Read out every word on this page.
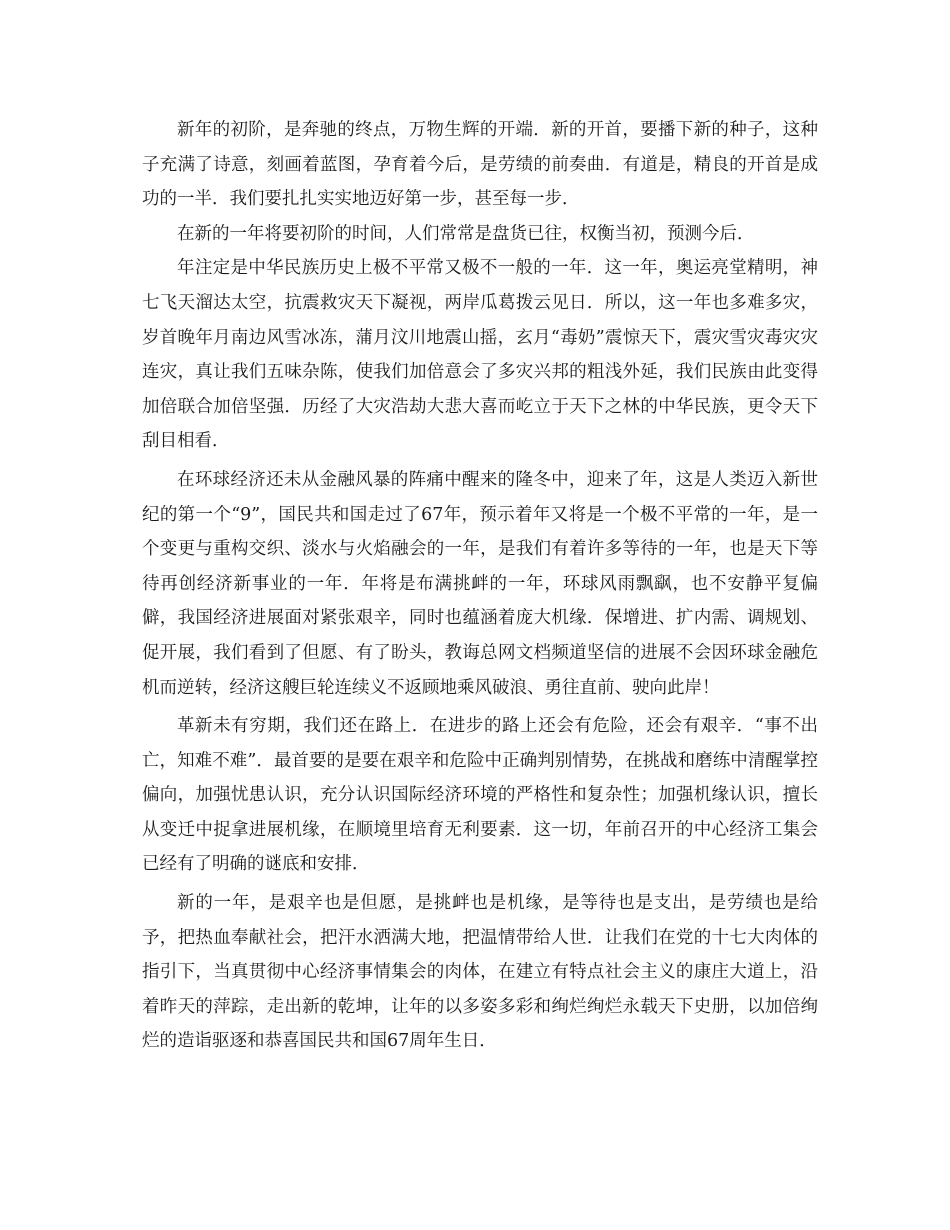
新年的初阶，是奔驰的终点，万物生辉的开端．新的开首，要播下新的种子，这种子充满了诗意，刻画着蓝图，孕育着今后，是劳绩的前奏曲．有道是，精良的开首是成功的一半．我们要扎扎实实地迈好第一步，甚至每一步．

在新的一年将要初阶的时间，人们常常是盘货已往，权衡当初，预测今后．

年注定是中华民族历史上极不平常又极不一般的一年．这一年，奥运亮堂精明，神七飞天溜达太空，抗震救灾天下凝视，两岸瓜葛拨云见日．所以，这一年也多难多灾，岁首晚年月南边风雪冰冻，蒲月汶川地震山摇，玄月“毒奶”震惊天下，震灾雪灾毒灾灾连灾，真让我们五味杂陈，使我们加倍意会了多灾兴邦的粗浅外延，我们民族由此变得加倍联合加倍坚强．历经了大灾浩劫大悲大喜而屹立于天下之林的中华民族，更令天下刮目相看．

在环球经济还未从金融风暴的阵痛中醒来的隆冬中，迎来了年，这是人类迈入新世纪的第一个“9”，国民共和国走过了67年，预示着年又将是一个极不平常的一年，是一个变更与重构交织、淡水与火焰融会的一年，是我们有着许多等待的一年，也是天下等待再创经济新事业的一年．年将是布满挑衅的一年，环球风雨飘飖，也不安静平复偏僻，我国经济进展面对紧张艰辛，同时也蕴涵着庞大机缘．保增进、扩内需、调规划、促开展，我们看到了但愿、有了盼头，教诲总网文档频道坚信的进展不会因环球金融危机而逆转，经济这艘巨轮连续义不返顾地乘风破浪、勇往直前、驶向此岸！

革新未有穷期，我们还在路上．在进步的路上还会有危险，还会有艰辛．“事不出亡，知难不难”．最首要的是要在艰辛和危险中正确判别情势，在挑战和磨练中清醒掌控偏向，加强忧患认识，充分认识国际经济环境的严格性和复杂性；加强机缘认识，擅长从变迁中捉拿进展机缘，在顺境里培育无利要素．这一切，年前召开的中心经济工集会已经有了明确的谜底和安排．

新的一年，是艰辛也是但愿，是挑衅也是机缘，是等待也是支出，是劳绩也是给予，把热血奉献社会，把汗水洒满大地，把温情带给人世．让我们在党的十七大肉体的指引下，当真贯彻中心经济事情集会的肉体，在建立有特点社会主义的康庄大道上，沿着昨天的萍踪，走出新的乾坤，让年的以多姿多彩和绚烂绚烂永载天下史册，以加倍绚烂的造诣驱逐和恭喜国民共和国67周年生日．
